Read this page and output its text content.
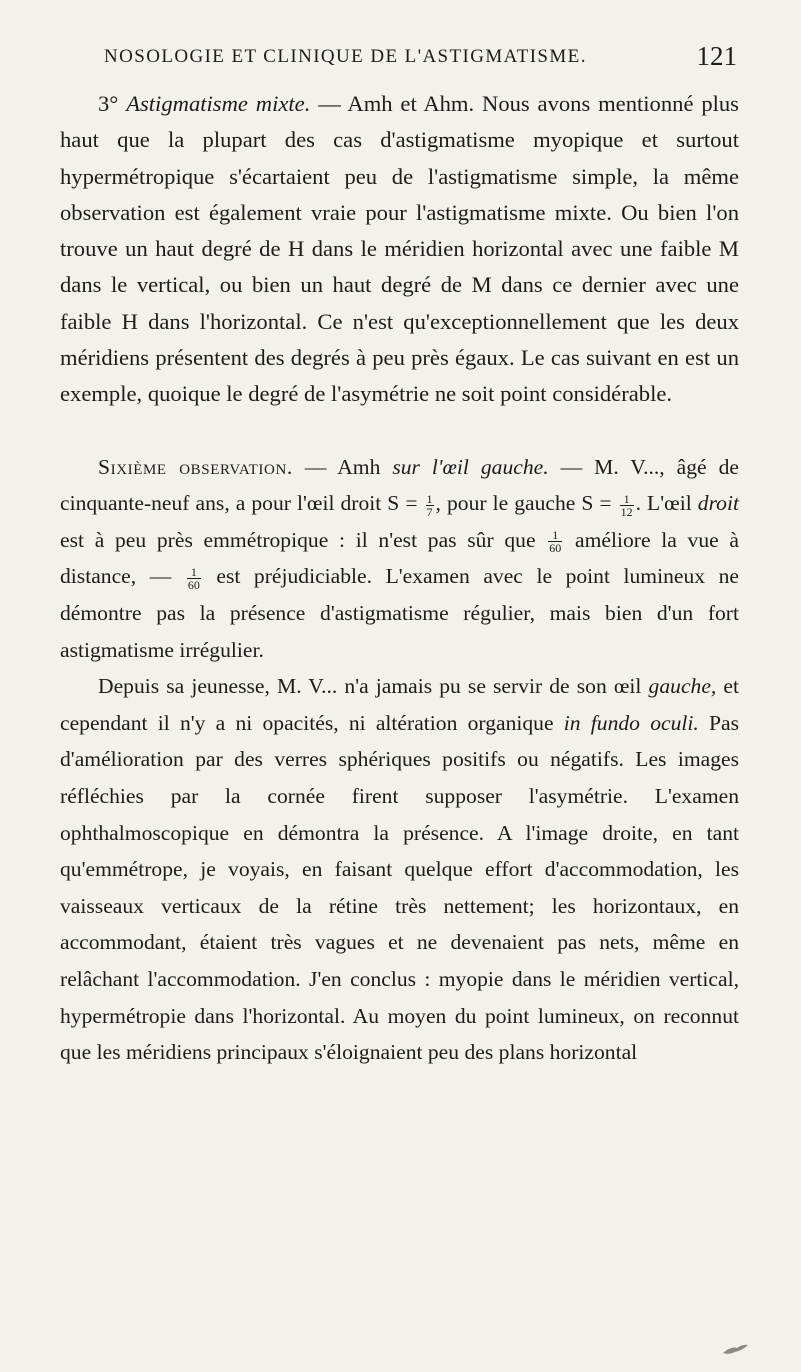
NOSOLOGIE ET CLINIQUE DE L'ASTIGMATISME.	121

3° Astigmatisme mixte. — Amh et Ahm. Nous avons mentionné plus haut que la plupart des cas d'astigmatisme myopique et surtout hypermétropique s'écartaient peu de l'astigmatisme simple, la même observation est également vraie pour l'astigmatisme mixte. Ou bien l'on trouve un haut degré de H dans le méridien horizontal avec une faible M dans le vertical, ou bien un haut degré de M dans ce dernier avec une faible H dans l'horizontal. Ce n'est qu'exceptionnellement que les deux méridiens présentent des degrés à peu près égaux. Le cas suivant en est un exemple, quoique le degré de l'asymétrie ne soit point considérable.

Sixième observation. — Amh sur l'œil gauche. — M. V..., âgé de cinquante-neuf ans, a pour l'œil droit $S = \frac{1}{7}$ , pour le gauche $S = \frac{1}{12}$ . L'œil droit est à peu près emmétropique : il n'est pas sûr que $\frac{1}{60}$ améliore la vue à distance, — $\frac{1}{60}$ est préjudiciable. L'examen avec le point lumineux ne démontre pas la présence d'astigmatisme régulier, mais bien d'un fort astigmatisme irrégulier.

Depuis sa jeunesse, M. V... n'a jamais pu se servir de son œil gauche, et cependant il n'y a ni opacités, ni altération organique in fundo oculi. Pas d'amélioration par des verres sphériques positifs ou négatifs. Les images réfléchies par la cornée firent supposer l'asymétrie. L'examen ophthalmoscopique en démontra la présence. A l'image droite, en tant qu'emmétrope, je voyais, en faisant quelque effort d'accommodation, les vaisseaux verticaux de la rétine très nettement; les horizontaux, en accommodant, étaient très vagues et ne devenaient pas nets, même en relâchant l'accommodation. J'en conclus : myopie dans le méridien vertical, hypermétropie dans l'horizontal. Au moyen du point lumineux, on reconnut que les méridiens principaux s'éloignaient peu des plans horizontal
